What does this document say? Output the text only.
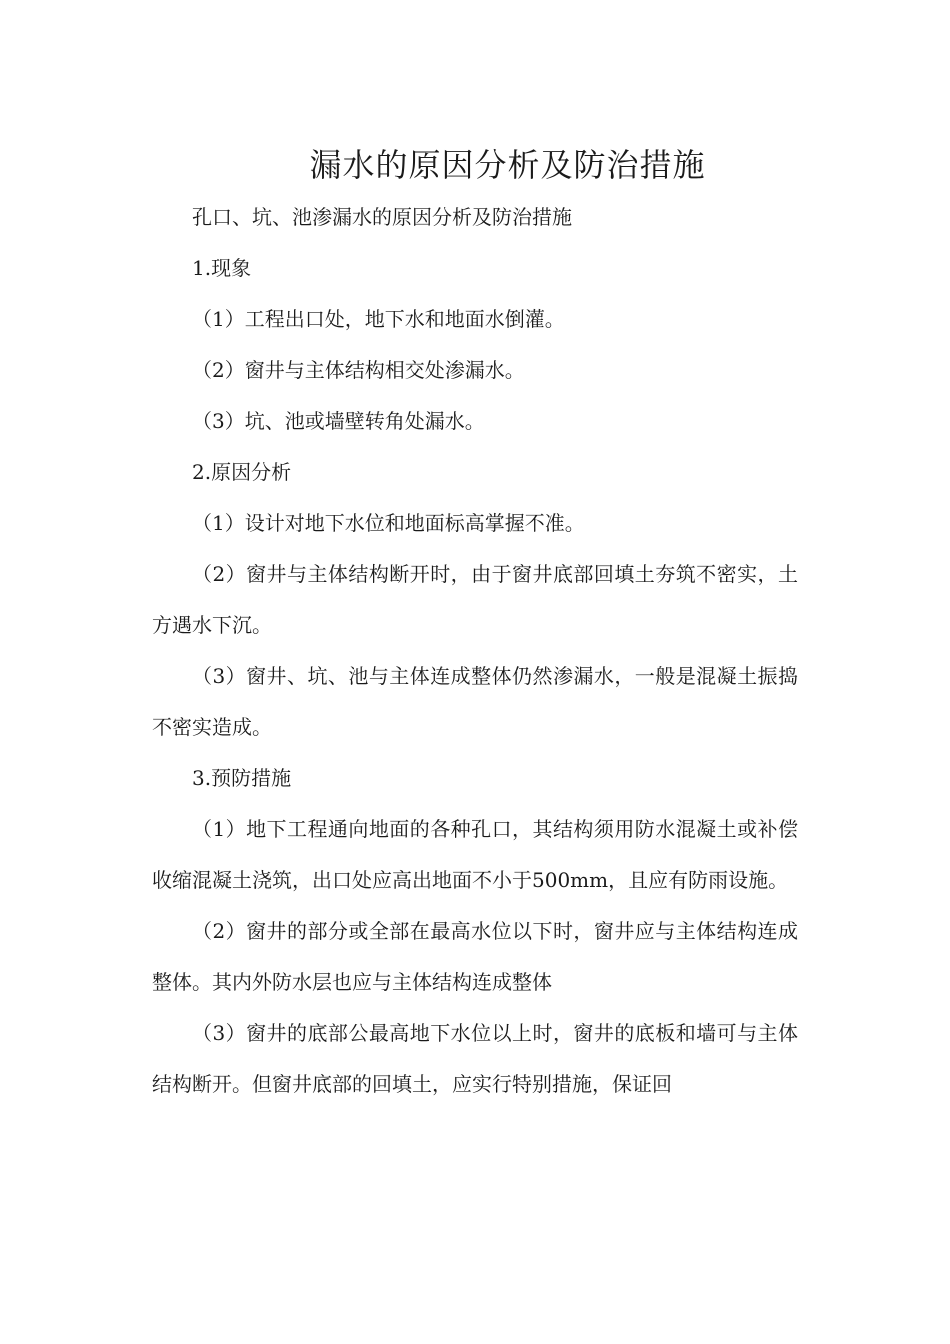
漏水的原因分析及防治措施

孔口、坑、池渗漏水的原因分析及防治措施

1.现象

（1）工程出口处，地下水和地面水倒灌。

（2）窗井与主体结构相交处渗漏水。

（3）坑、池或墙壁转角处漏水。

2.原因分析

（1）设计对地下水位和地面标高掌握不准。

（2）窗井与主体结构断开时，由于窗井底部回填土夯筑不密实，土方遇水下沉。

（3）窗井、坑、池与主体连成整体仍然渗漏水，一般是混凝土振捣不密实造成。

3.预防措施

（1）地下工程通向地面的各种孔口，其结构须用防水混凝土或补偿收缩混凝土浇筑，出口处应高出地面不小于500mm，且应有防雨设施。

（2）窗井的部分或全部在最高水位以下时，窗井应与主体结构连成整体。其内外防水层也应与主体结构连成整体

（3）窗井的底部公最高地下水位以上时，窗井的底板和墙可与主体结构断开。但窗井底部的回填土，应实行特别措施，保证回
